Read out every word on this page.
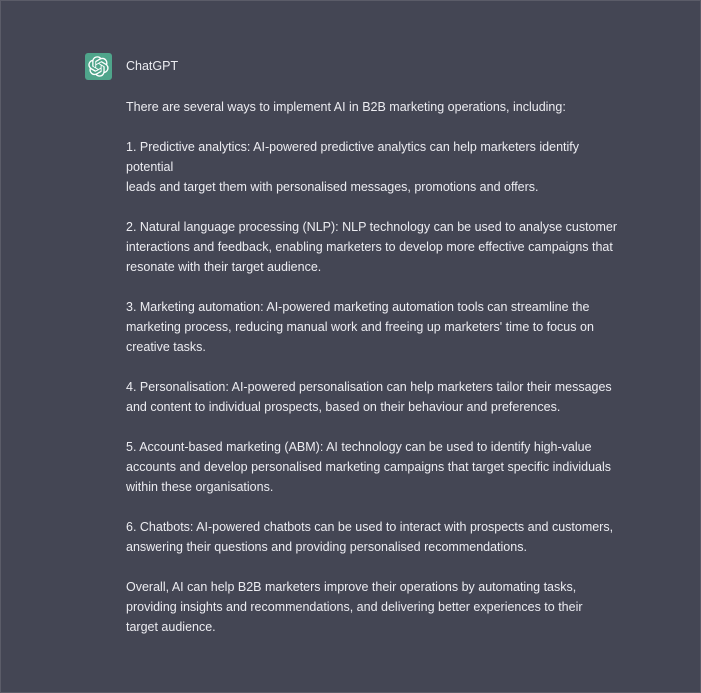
ChatGPT

There are several ways to implement AI in B2B marketing operations, including:

1. Predictive analytics: AI-powered predictive analytics can help marketers identify potential
leads and target them with personalised messages, promotions and offers.

2. Natural language processing (NLP): NLP technology can be used to analyse customer
interactions and feedback, enabling marketers to develop more effective campaigns that
resonate with their target audience.

3. Marketing automation: AI-powered marketing automation tools can streamline the
marketing process, reducing manual work and freeing up marketers' time to focus on
creative tasks.

4. Personalisation: AI-powered personalisation can help marketers tailor their messages
and content to individual prospects, based on their behaviour and preferences.

5. Account-based marketing (ABM): AI technology can be used to identify high-value
accounts and develop personalised marketing campaigns that target specific individuals
within these organisations.

6. Chatbots: AI-powered chatbots can be used to interact with prospects and customers,
answering their questions and providing personalised recommendations.

Overall, AI can help B2B marketers improve their operations by automating tasks,
providing insights and recommendations, and delivering better experiences to their
target audience.
